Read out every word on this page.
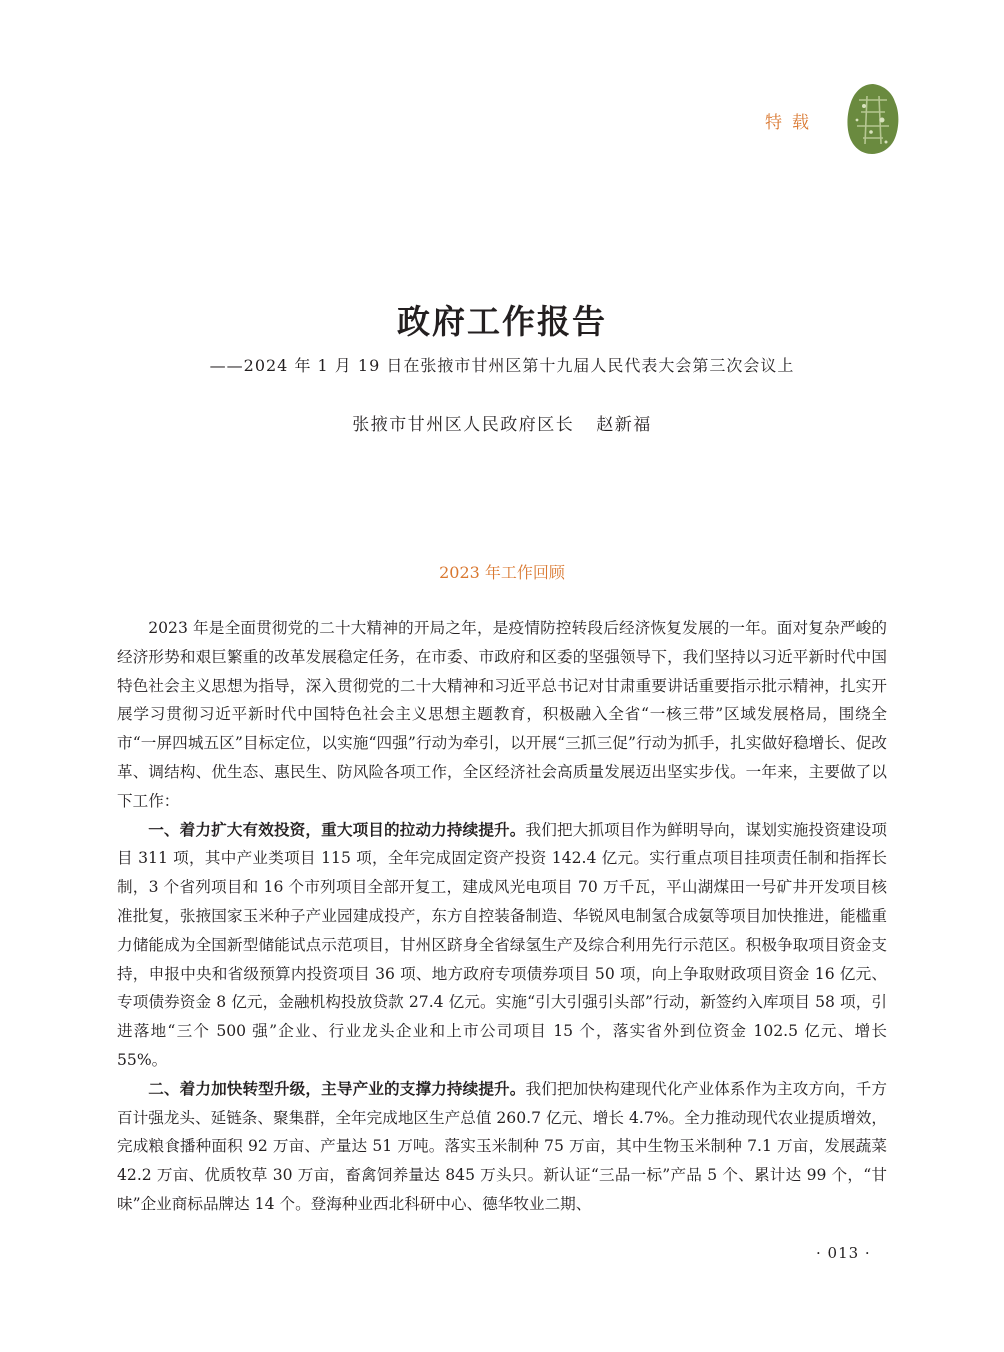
特载
政府工作报告
——2024 年 1 月 19 日在张掖市甘州区第十九届人民代表大会第三次会议上
张掖市甘州区人民政府区长 赵新福
2023 年工作回顾

2023 年是全面贯彻党的二十大精神的开局之年，是疫情防控转段后经济恢复发展的一年。面对复杂严峻的经济形势和艰巨繁重的改革发展稳定任务，在市委、市政府和区委的坚强领导下，我们坚持以习近平新时代中国特色社会主义思想为指导，深入贯彻党的二十大精神和习近平总书记对甘肃重要讲话重要指示批示精神，扎实开展学习贯彻习近平新时代中国特色社会主义思想主题教育，积极融入全省“一核三带”区域发展格局，围绕全市“一屏四城五区”目标定位，以实施“四强”行动为牵引，以开展“三抓三促”行动为抓手，扎实做好稳增长、促改革、调结构、优生态、惠民生、防风险各项工作，全区经济社会高质量发展迈出坚实步伐。一年来，主要做了以下工作：

一、着力扩大有效投资，重大项目的拉动力持续提升。我们把大抓项目作为鲜明导向，谋划实施投资建设项目 311 项，其中产业类项目 115 项，全年完成固定资产投资 142.4 亿元。实行重点项目挂项责任制和指挥长制，3 个省列项目和 16 个市列项目全部开复工，建成风光电项目 70 万千瓦，平山湖煤田一号矿井开发项目核准批复，张掖国家玉米种子产业园建成投产，东方自控装备制造、华锐风电制氢合成氨等项目加快推进，能槛重力储能成为全国新型储能试点示范项目，甘州区跻身全省绿氢生产及综合利用先行示范区。积极争取项目资金支持，申报中央和省级预算内投资项目 36 项、地方政府专项债券项目 50 项，向上争取财政项目资金 16 亿元、专项债券资金 8 亿元，金融机构投放贷款 27.4 亿元。实施“引大引强引头部”行动，新签约入库项目 58 项，引进落地“三个 500 强”企业、行业龙头企业和上市公司项目 15 个，落实省外到位资金 102.5 亿元、增长 55%。

二、着力加快转型升级，主导产业的支撑力持续提升。我们把加快构建现代化产业体系作为主攻方向，千方百计强龙头、延链条、聚集群，全年完成地区生产总值 260.7 亿元、增长 4.7%。全力推动现代农业提质增效，完成粮食播种面积 92 万亩、产量达 51 万吨。落实玉米制种 75 万亩，其中生物玉米制种 7.1 万亩，发展蔬菜 42.2 万亩、优质牧草 30 万亩，畜禽饲养量达 845 万头只。新认证“三品一标”产品 5 个、累计达 99 个，“甘味”企业商标品牌达 14 个。登海种业西北科研中心、德华牧业二期、

· 013 ·
